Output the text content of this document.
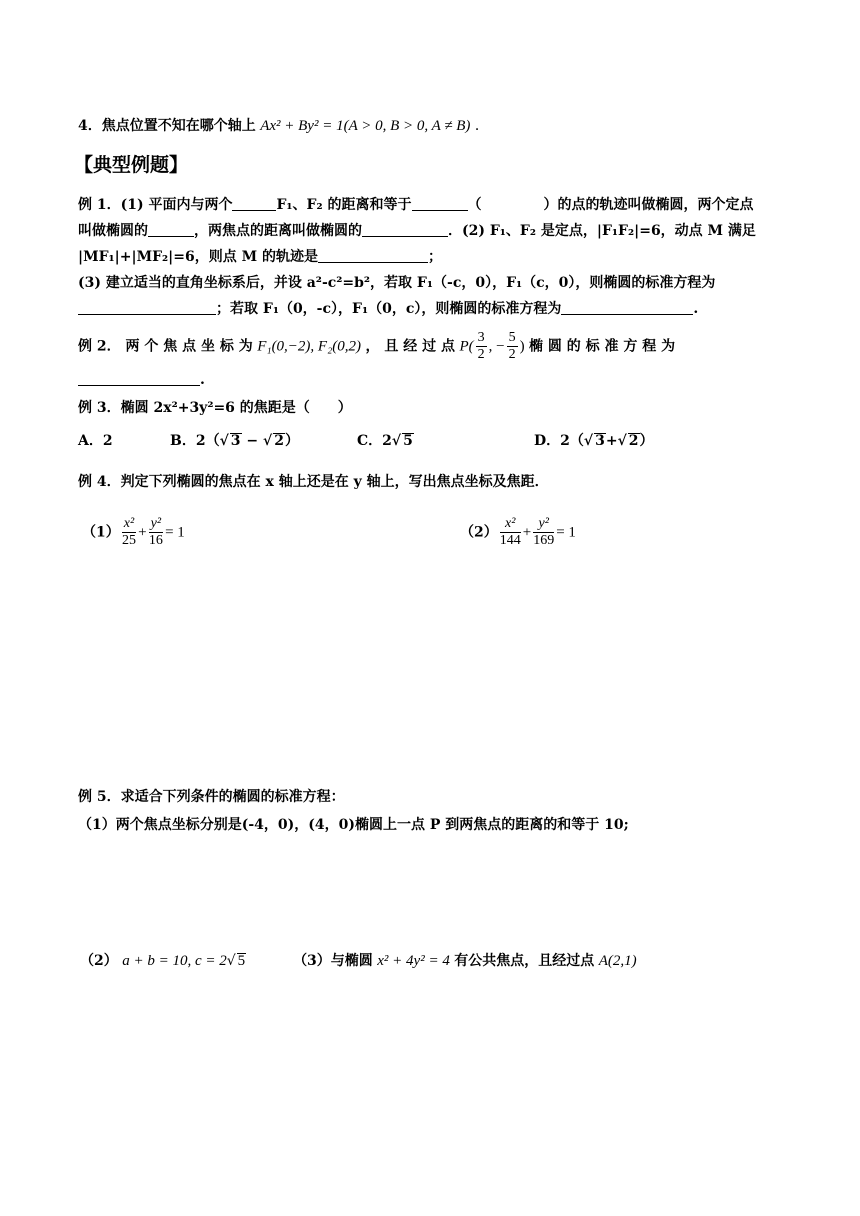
4．焦点位置不知在哪个轴上 Ax² + By² = 1(A > 0, B > 0, A ≠ B) ．
【典型例题】
例 1．(1) 平面内与两个	F₁、F₂ 的距离和等于	（	）的点的轨迹叫做椭圆，两个定点
叫做椭圆的	，两焦点的距离叫做椭圆的	．(2) F₁、F₂ 是定点，|F₁F₂|=6，动点 M 满足
|MF₁|+|MF₂|=6，则点 M 的轨迹是	；
(3) 建立适当的直角坐标系后，并设 a²-c²=b²，若取 F₁（-c，0），F₁（c，0），则椭圆的标准方程为
；若取 F₁（0，-c），F₁（0，c），则椭圆的标准方程为	.
例 2． 两 个 焦 点 坐 标 为 F₁(0,−2), F₂(0,2) ， 且 经 过 点 $P( \frac{3}{2}$ , − $\frac{5}{2}$ ) 椭 圆 的 标 准 方 程 为
.
例 3．椭圆 2x²+3y²=6 的焦距是（　　）
A．2	B．2（√ 3 − √ 2）	C．2√ 5	D．2（√ 3+√ 2）
例 4．判定下列椭圆的焦点在 x 轴上还是在 y 轴上，写出焦点坐标及焦距．
$(1) \frac{\text{x²}}{25} + \frac{\text{y²}}{16} = 1$	$(2) \frac{\text{x²}}{144} + \frac{\text{y²}}{169} = 1$
例 5．求适合下列条件的椭圆的标准方程：
（1）两个焦点坐标分别是(-4，0)，(4，0)椭圆上一点 P 到两焦点的距离的和等于 10;
（2） a + b = 10, c = 2√ 5	（3）与椭圆 x² + 4y² = 4 有公共焦点，且经过点 A(2,1)
